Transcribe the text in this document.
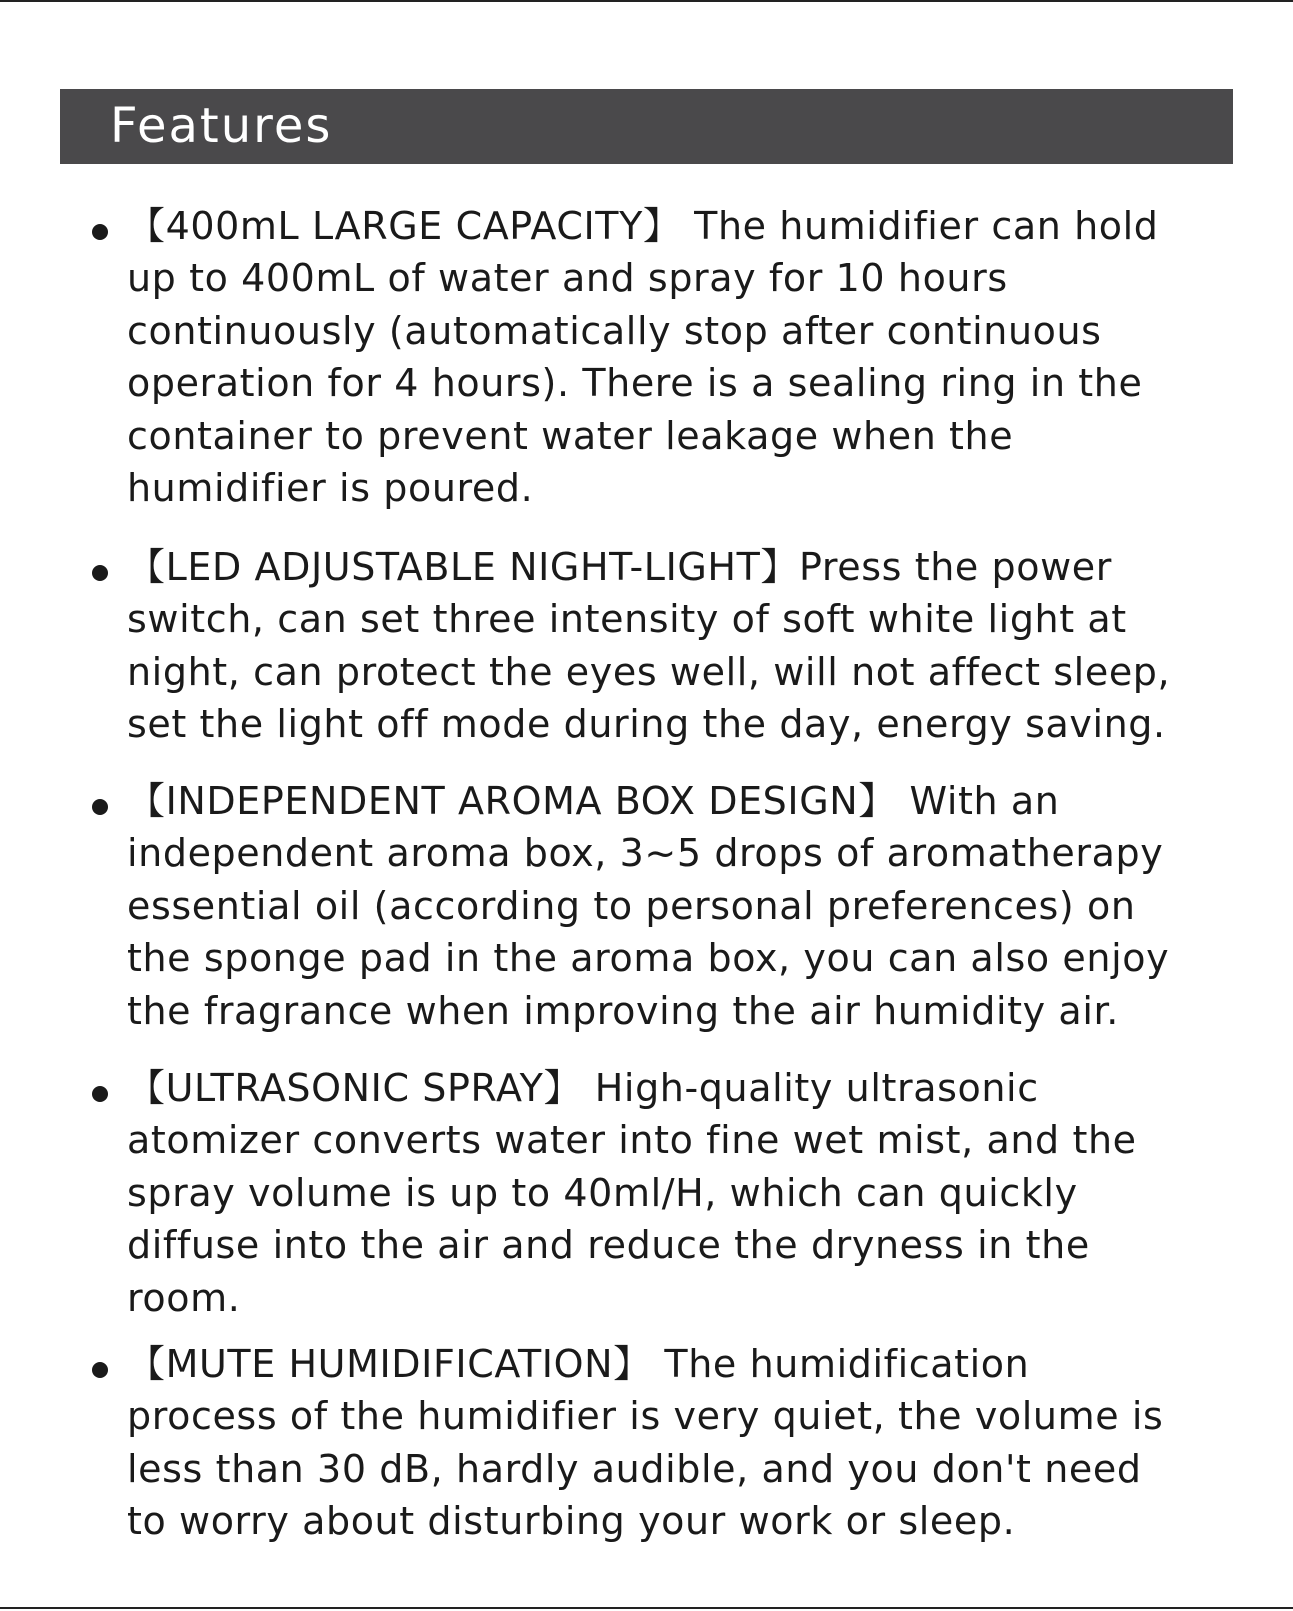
Features
【400mL LARGE CAPACITY】 The humidifier can hold
up to 400mL of water and spray for 10 hours
continuously (automatically stop after continuous
operation for 4 hours). There is a sealing ring in the
container to prevent water leakage when the
humidifier is poured.
【LED ADJUSTABLE NIGHT-LIGHT】Press the power
switch, can set three intensity of soft white light at
night, can protect the eyes well, will not affect sleep,
set the light off mode during the day, energy saving.
【INDEPENDENT AROMA BOX DESIGN】 With an
independent aroma box, 3~5 drops of aromatherapy
essential oil (according to personal preferences) on
the sponge pad in the aroma box, you can also enjoy
the fragrance when improving the air humidity air.
【ULTRASONIC SPRAY】 High-quality ultrasonic
atomizer converts water into fine wet mist, and the
spray volume is up to 40ml/H, which can quickly
diffuse into the air and reduce the dryness in the
room.
【MUTE HUMIDIFICATION】 The humidification
process of the humidifier is very quiet, the volume is
less than 30 dB, hardly audible, and you don't need
to worry about disturbing your work or sleep.
